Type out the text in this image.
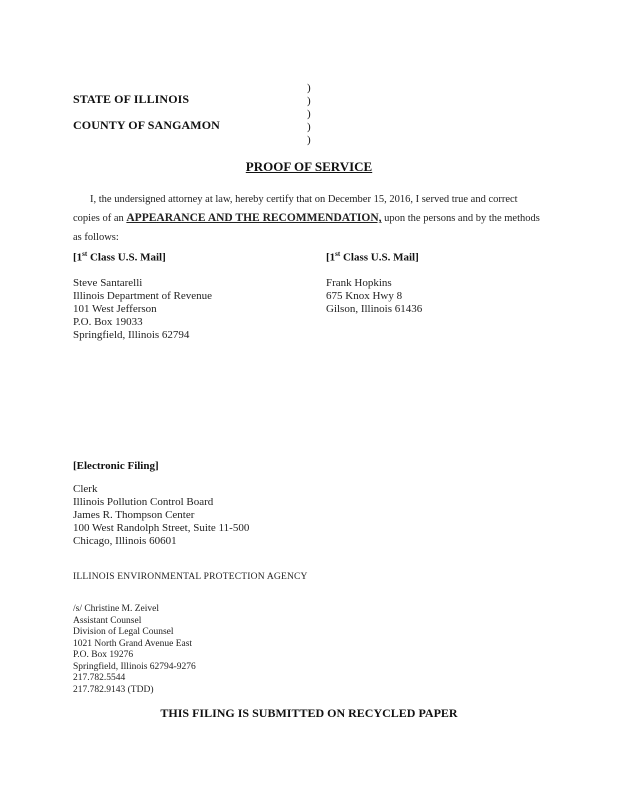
STATE OF ILLINOIS
COUNTY OF SANGAMON
)
)
)
)
)
PROOF OF SERVICE
I, the undersigned attorney at law, hereby certify that on December 15, 2016, I served true and correct
copies of an APPEARANCE AND THE RECOMMENDATION, upon the persons and by the methods
as follows:
[1st Class U.S. Mail]
Steve Santarelli
Illinois Department of Revenue
101 West Jefferson
P.O. Box 19033
Springfield, Illinois 62794
[1st Class U.S. Mail]
Frank Hopkins
675 Knox Hwy 8
Gilson, Illinois 61436
[Electronic Filing]
Clerk
Illinois Pollution Control Board
James R. Thompson Center
100 West Randolph Street, Suite 11-500
Chicago, Illinois 60601
ILLINOIS ENVIRONMENTAL PROTECTION AGENCY
/s/ Christine M. Zeivel
Assistant Counsel
Division of Legal Counsel
1021 North Grand Avenue East
P.O. Box 19276
Springfield, Illinois 62794-9276
217.782.5544
217.782.9143 (TDD)
THIS FILING IS SUBMITTED ON RECYCLED PAPER
